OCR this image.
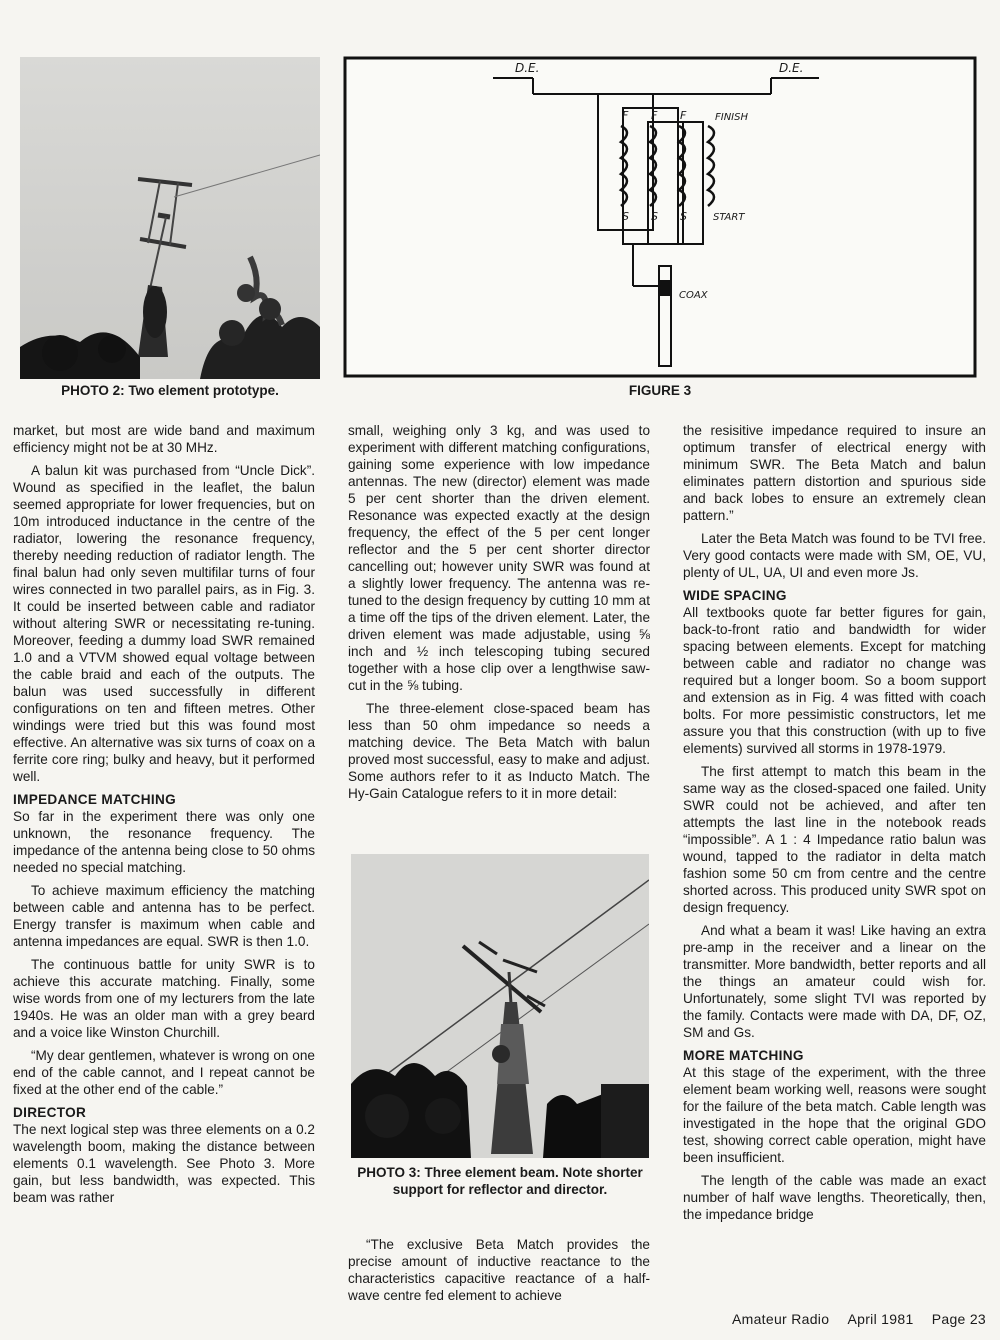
PHOTO 2: Two element prototype.
D.E.	D.E.
F F F	FINISH
S S S	START
COAX
FIGURE 3

market, but most are wide band and maximum efficiency might not be at 30 MHz.

A balun kit was purchased from “Uncle Dick”. Wound as specified in the leaflet, the balun seemed appropriate for lower frequencies, but on 10m introduced inductance in the centre of the radiator, lowering the resonance frequency, thereby needing reduction of radiator length. The final balun had only seven multifilar turns of four wires connected in two parallel pairs, as in Fig. 3. It could be inserted between cable and radiator without altering SWR or necessitating re-tuning. Moreover, feeding a dummy load SWR remained 1.0 and a VTVM showed equal voltage between the cable braid and each of the outputs. The balun was used successfully in different configurations on ten and fifteen metres. Other windings were tried but this was found most effective. An alternative was six turns of coax on a ferrite core ring; bulky and heavy, but it performed well.

IMPEDANCE MATCHING

So far in the experiment there was only one unknown, the resonance frequency. The impedance of the antenna being close to 50 ohms needed no special matching.

To achieve maximum efficiency the matching between cable and antenna has to be perfect. Energy transfer is maximum when cable and antenna impedances are equal. SWR is then 1.0.

The continuous battle for unity SWR is to achieve this accurate matching. Finally, some wise words from one of my lecturers from the late 1940s. He was an older man with a grey beard and a voice like Winston Churchill.

“My dear gentlemen, whatever is wrong on one end of the cable cannot, and I repeat cannot be fixed at the other end of the cable.”

DIRECTOR

The next logical step was three elements on a 0.2 wavelength boom, making the distance between elements 0.1 wavelength. See Photo 3. More gain, but less bandwidth, was expected. This beam was rather

small, weighing only 3 kg, and was used to experiment with different matching configurations, gaining some experience with low impedance antennas. The new (director) element was made 5 per cent shorter than the driven element. Resonance was expected exactly at the design frequency, the effect of the 5 per cent longer reflector and the 5 per cent shorter director cancelling out; however unity SWR was found at a slightly lower frequency. The antenna was re-tuned to the design frequency by cutting 10 mm at a time off the tips of the driven element. Later, the driven element was made adjustable, using ⅝ inch and ½ inch telescoping tubing secured together with a hose clip over a lengthwise saw-cut in the ⅝ tubing.

The three-element close-spaced beam has less than 50 ohm impedance so needs a matching device. The Beta Match with balun proved most successful, easy to make and adjust. Some authors refer to it as Inducto Match. The Hy-Gain Catalogue refers to it in more detail:

PHOTO 3: Three element beam. Note shorter support for reflector and director.

“The exclusive Beta Match provides the precise amount of inductive reactance to the characteristics capacitive reactance of a half-wave centre fed element to achieve

the resisitive impedance required to insure an optimum transfer of electrical energy with minimum SWR. The Beta Match and balun eliminates pattern distortion and spurious side and back lobes to ensure an extremely clean pattern.”

Later the Beta Match was found to be TVI free. Very good contacts were made with SM, OE, VU, plenty of UL, UA, UI and even more Js.

WIDE SPACING

All textbooks quote far better figures for gain, back-to-front ratio and bandwidth for wider spacing between elements. Except for matching between cable and radiator no change was required but a longer boom. So a boom support and extension as in Fig. 4 was fitted with coach bolts. For more pessimistic constructors, let me assure you that this construction (with up to five elements) survived all storms in 1978-1979.

The first attempt to match this beam in the same way as the closed-spaced one failed. Unity SWR could not be achieved, and after ten attempts the last line in the notebook reads “impossible”. A 1 : 4 Impedance ratio balun was wound, tapped to the radiator in delta match fashion some 50 cm from centre and the centre shorted across. This produced unity SWR spot on design frequency.

And what a beam it was! Like having an extra pre-amp in the receiver and a linear on the transmitter. More bandwidth, better reports and all the things an amateur could wish for. Unfortunately, some slight TVI was reported by the family. Contacts were made with DA, DF, OZ, SM and Gs.

MORE MATCHING

At this stage of the experiment, with the three element beam working well, reasons were sought for the failure of the beta match. Cable length was investigated in the hope that the original GDO test, showing correct cable operation, might have been insufficient.

The length of the cable was made an exact number of half wave lengths. Theoretically, then, the impedance bridge

Amateur Radio April 1981 Page 23
